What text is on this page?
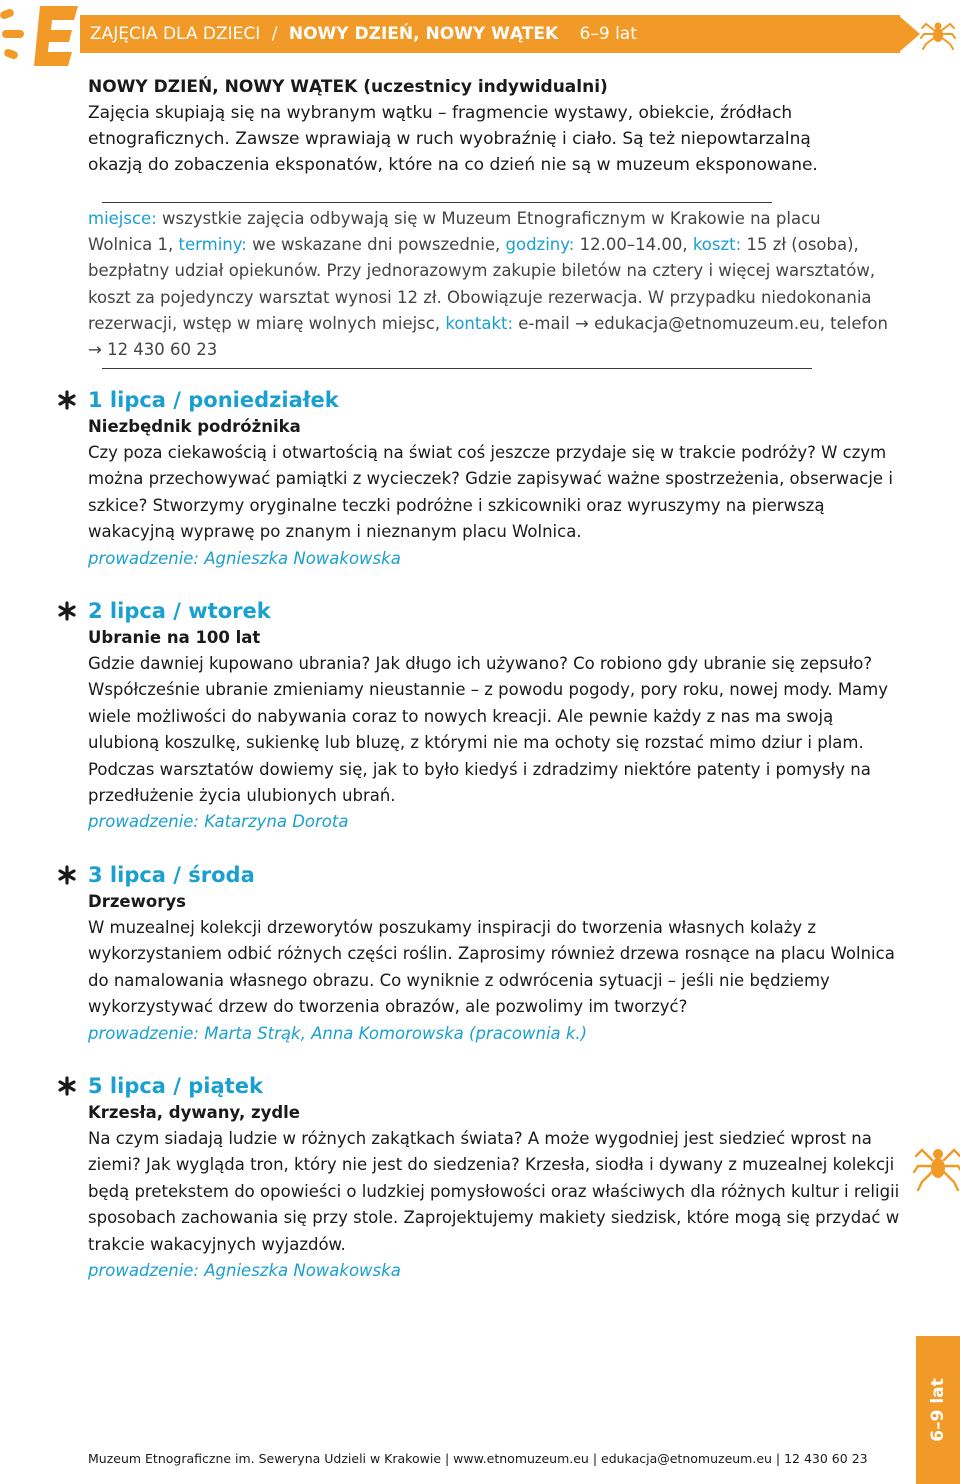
ZAJĘCIA DLA DZIECI / NOWY DZIEŃ, NOWY WĄTEK 6–9 lat
NOWY DZIEŃ, NOWY WĄTEK (uczestnicy indywidualni)
Zajęcia skupiają się na wybranym wątku – fragmencie wystawy, obiekcie, źródłach etnograficznych. Zawsze wprawiają w ruch wyobraźnię i ciało. Są też niepowtarzalną okazją do zobaczenia eksponatów, które na co dzień nie są w muzeum eksponowane.
miejsce: wszystkie zajęcia odbywają się w Muzeum Etnograficznym w Krakowie na placu Wolnica 1, terminy: we wskazane dni powszednie, godziny: 12.00–14.00, koszt: 15 zł (osoba), bezpłatny udział opiekunów. Przy jednorazowym zakupie biletów na cztery i więcej warsztatów, koszt za pojedynczy warsztat wynosi 12 zł. Obowiązuje rezerwacja. W przypadku niedokonania rezerwacji, wstęp w miarę wolnych miejsc, kontakt: e-mail → edukacja@etnomuzeum.eu, telefon → 12 430 60 23
1 lipca / poniedziałek
Niezbędnik podróżnika
Czy poza ciekawością i otwartością na świat coś jeszcze przydaje się w trakcie podróży? W czym można przechowywać pamiątki z wycieczek? Gdzie zapisywać ważne spostrzeżenia, obserwacje i szkice? Stworzymy oryginalne teczki podróżne i szkicowniki oraz wyruszymy na pierwszą wakacyjną wyprawę po znanym i nieznanym placu Wolnica.
prowadzenie: Agnieszka Nowakowska
2 lipca / wtorek
Ubranie na 100 lat
Gdzie dawniej kupowano ubrania? Jak długo ich używano? Co robiono gdy ubranie się zepsuło? Współcześnie ubranie zmieniamy nieustannie – z powodu pogody, pory roku, nowej mody. Mamy wiele możliwości do nabywania coraz to nowych kreacji. Ale pewnie każdy z nas ma swoją ulubioną koszulkę, sukienkę lub bluzę, z którymi nie ma ochoty się rozstać mimo dziur i plam. Podczas warsztatów dowiemy się, jak to było kiedyś i zdradzimy niektóre patenty i pomysły na przedłużenie życia ulubionych ubrań.
prowadzenie: Katarzyna Dorota
3 lipca / środa
Drzeworys
W muzealnej kolekcji drzeworytów poszukamy inspiracji do tworzenia własnych kolaży z wykorzystaniem odbić różnych części roślin. Zaprosimy również drzewa rosnące na placu Wolnica do namalowania własnego obrazu. Co wyniknie z odwrócenia sytuacji – jeśli nie będziemy wykorzystywać drzew do tworzenia obrazów, ale pozwolimy im tworzyć?
prowadzenie: Marta Strąk, Anna Komorowska (pracownia k.)
5 lipca / piątek
Krzesła, dywany, zydle
Na czym siadają ludzie w różnych zakątkach świata? A może wygodniej jest siedzieć wprost na ziemi? Jak wygląda tron, który nie jest do siedzenia? Krzesła, siodła i dywany z muzealnej kolekcji będą pretekstem do opowieści o ludzkiej pomysłowości oraz właściwych dla różnych kultur i religii sposobach zachowania się przy stole. Zaprojektujemy makiety siedzisk, które mogą się przydać w trakcie wakacyjnych wyjazdów.
prowadzenie: Agnieszka Nowakowska
6–9 lat
Muzeum Etnograficzne im. Seweryna Udzieli w Krakowie | www.etnomuzeum.eu | edukacja@etnomuzeum.eu | 12 430 60 23
